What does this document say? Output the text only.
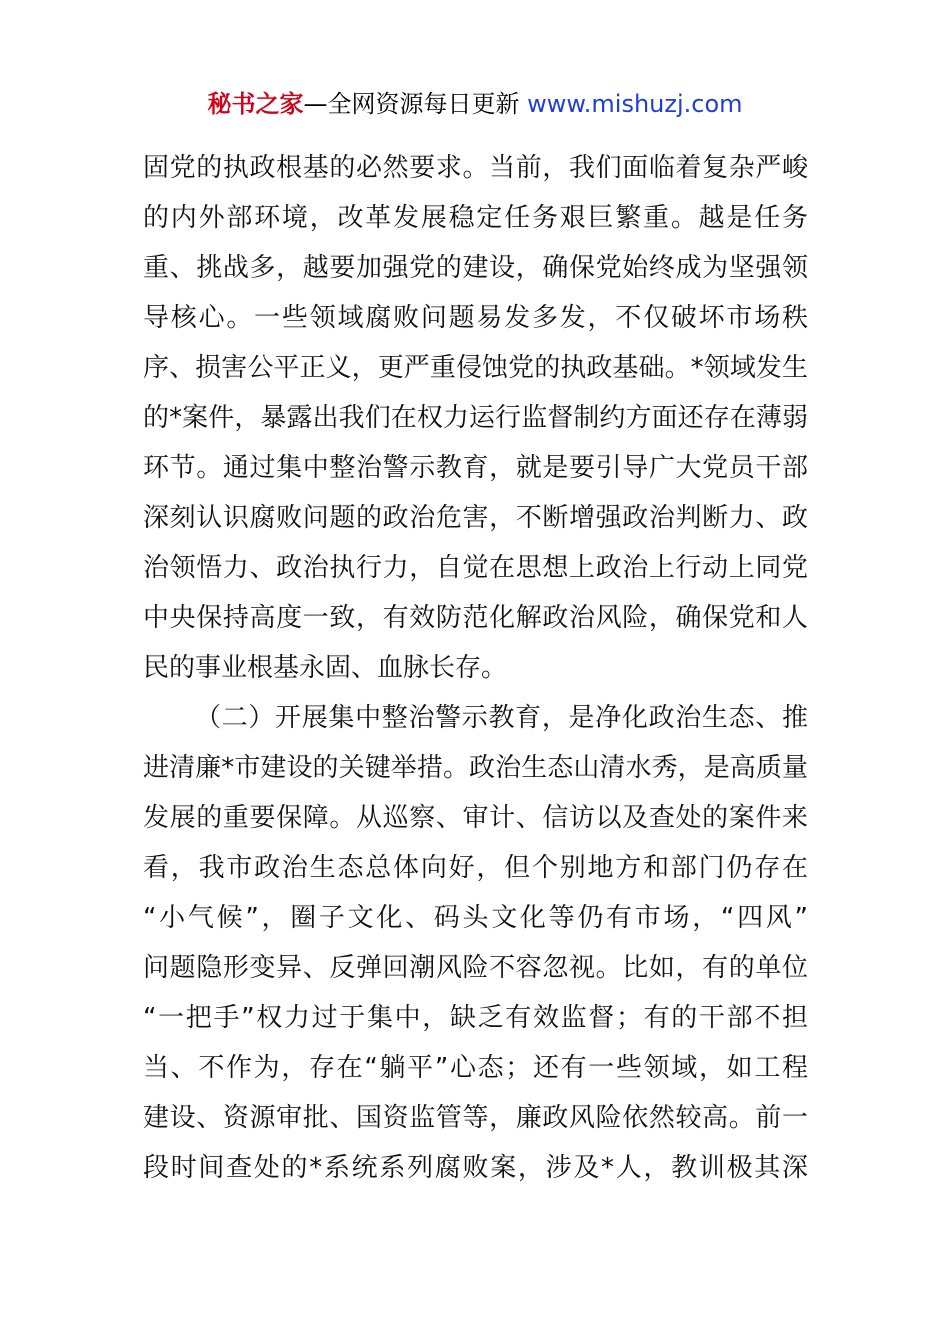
秘书之家—全网资源每日更新 www.mishuzj.com
固党的执政根基的必然要求。当前，我们面临着复杂严峻
的内外部环境，改革发展稳定任务艰巨繁重。越是任务
重、挑战多，越要加强党的建设，确保党始终成为坚强领
导核心。一些领域腐败问题易发多发，不仅破坏市场秩
序、损害公平正义，更严重侵蚀党的执政基础。*领域发生
的*案件，暴露出我们在权力运行监督制约方面还存在薄弱
环节。通过集中整治警示教育，就是要引导广大党员干部
深刻认识腐败问题的政治危害，不断增强政治判断力、政
治领悟力、政治执行力，自觉在思想上政治上行动上同党
中央保持高度一致，有效防范化解政治风险，确保党和人
民的事业根基永固、血脉长存。
（二）开展集中整治警示教育，是净化政治生态、推
进清廉*市建设的关键举措。政治生态山清水秀，是高质量
发展的重要保障。从巡察、审计、信访以及查处的案件来
看，我市政治生态总体向好，但个别地方和部门仍存在
“小气候”，圈子文化、码头文化等仍有市场，“四风”
问题隐形变异、反弹回潮风险不容忽视。比如，有的单位
“一把手”权力过于集中，缺乏有效监督；有的干部不担
当、不作为，存在“躺平”心态；还有一些领域，如工程
建设、资源审批、国资监管等，廉政风险依然较高。前一
段时间查处的*系统系列腐败案，涉及*人，教训极其深
